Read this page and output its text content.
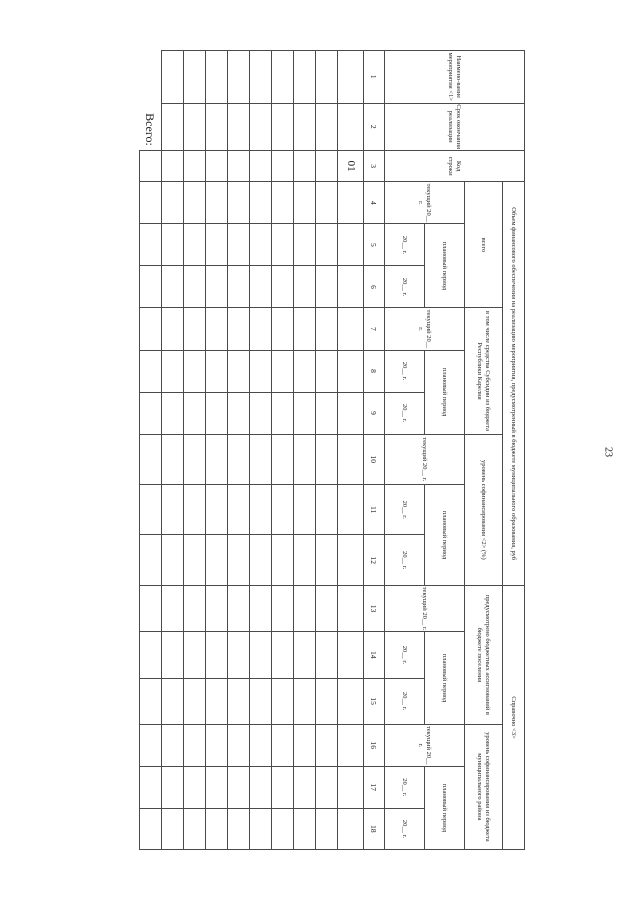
Наимено-вание мероприятия <1>	Срок окончания реализации	Код строки	Объем финансового обеспечения на реализацию мероприятия, предусмотренный в бюджете муниципального образования, руб									Справочно <3>					
			всего			в том числе средства Субсидии из бюджета Республики Карелия			уровень софинансирования <2> (%)			предусмотрено бюджетных ассигнований в бюджете поселения			уровень софинансирования из бюджета муниципального района		
			текущий 20__ г.	плановый период		текущий 20__ г.	плановый период		текущий 20__ г.	плановый период		текущий 20__ г.	плановый период		текущий 20__ г.	плановый период	
				20__ г.	20__ г.		20__ г.	20__ г.		20__ г.	20__ г.		20__ г.	20__ г.		20__ г.	20__ г.
1	2	3	4	5	6	7	8	9	10	11	12	13	14	15	16	17	18
		01															

Всего:																	
23
